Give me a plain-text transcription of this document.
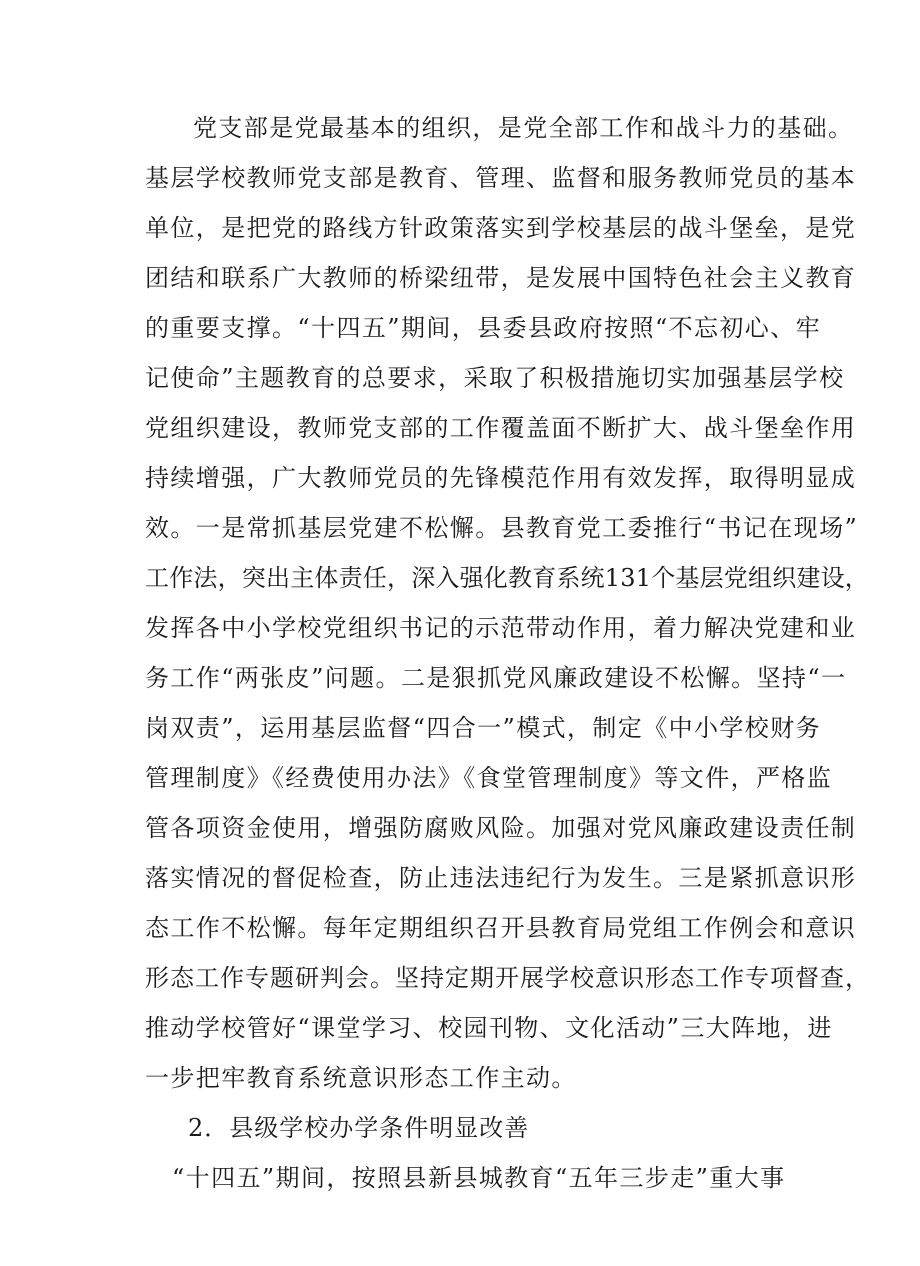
党支部是党最基本的组织，是党全部工作和战斗力的基础。
基层学校教师党支部是教育、管理、监督和服务教师党员的基本
单位，是把党的路线方针政策落实到学校基层的战斗堡垒，是党
团结和联系广大教师的桥梁纽带，是发展中国特色社会主义教育
的重要支撑。“十四五”期间，县委县政府按照“不忘初心、牢
记使命”主题教育的总要求，采取了积极措施切实加强基层学校
党组织建设，教师党支部的工作覆盖面不断扩大、战斗堡垒作用
持续增强，广大教师党员的先锋模范作用有效发挥，取得明显成
效。一是常抓基层党建不松懈。县教育党工委推行“书记在现场”
工作法，突出主体责任，深入强化教育系统131个基层党组织建设，
发挥各中小学校党组织书记的示范带动作用，着力解决党建和业
务工作“两张皮”问题。二是狠抓党风廉政建设不松懈。坚持“一
岗双责”，运用基层监督“四合一”模式，制定《中小学校财务
管理制度》《经费使用办法》《食堂管理制度》等文件，严格监
管各项资金使用，增强防腐败风险。加强对党风廉政建设责任制
落实情况的督促检查，防止违法违纪行为发生。三是紧抓意识形
态工作不松懈。每年定期组织召开县教育局党组工作例会和意识
形态工作专题研判会。坚持定期开展学校意识形态工作专项督查，
推动学校管好“课堂学习、校园刊物、文化活动”三大阵地，进
一步把牢教育系统意识形态工作主动。
2．县级学校办学条件明显改善
“十四五”期间，按照县新县城教育“五年三步走”重大事
